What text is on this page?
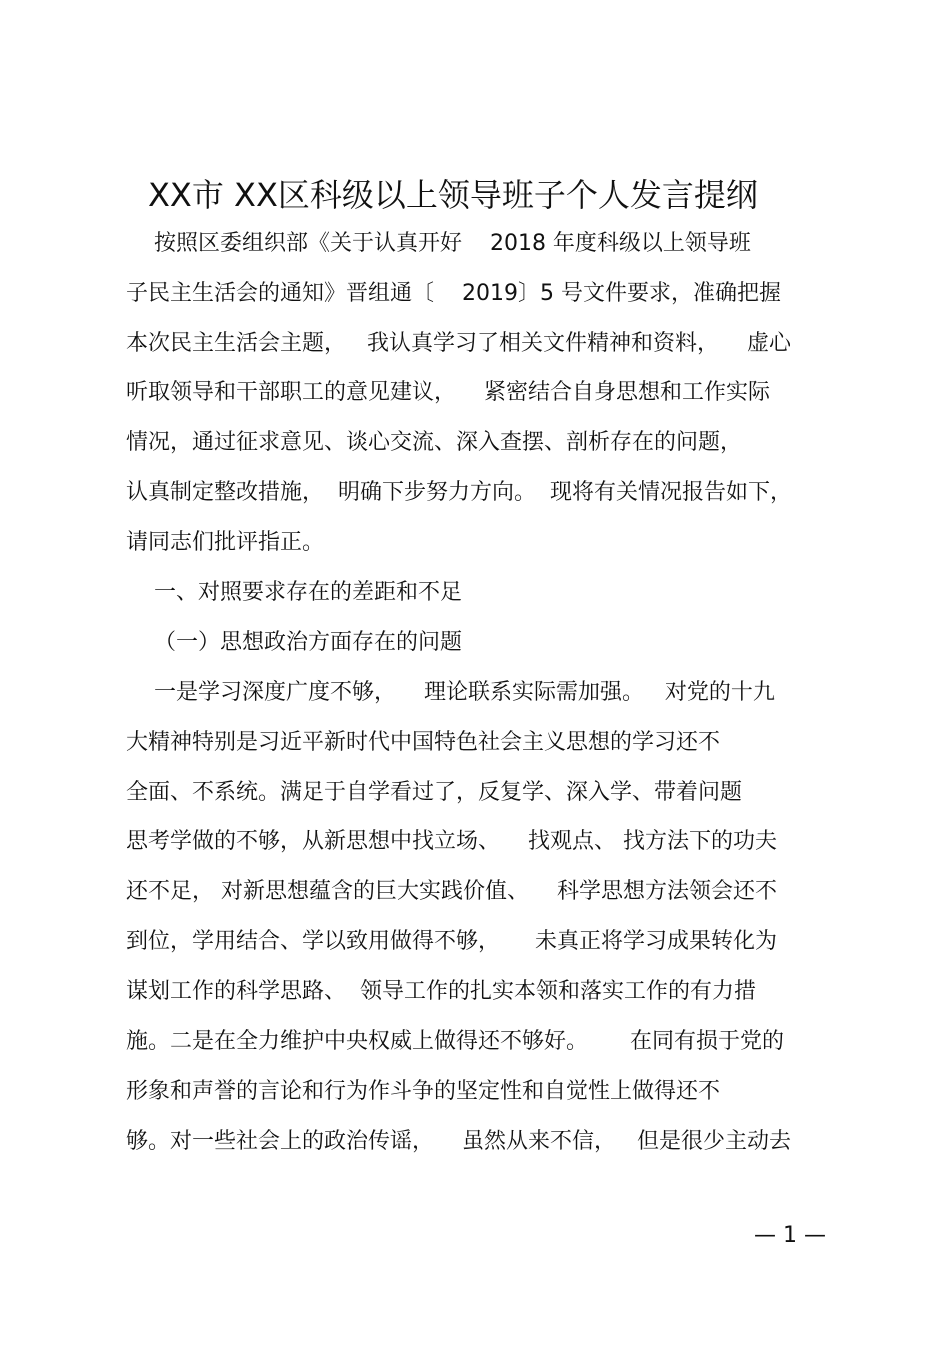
XX市 XX区科级以上领导班子个人发言提纲
按照区委组织部《关于认真开好    2018 年度科级以上领导班
子民主生活会的通知》晋组通〔    2019〕5 号文件要求，准确把握
本次民主生活会主题，   我认真学习了相关文件精神和资料，    虚心
听取领导和干部职工的意见建议，    紧密结合自身思想和工作实际
情况，通过征求意见、谈心交流、深入查摆、剖析存在的问题，
认真制定整改措施，  明确下步努力方向。  现将有关情况报告如下，
请同志们批评指正。
一、对照要求存在的差距和不足
（一）思想政治方面存在的问题
一是学习深度广度不够，    理论联系实际需加强。   对党的十九
大精神特别是习近平新时代中国特色社会主义思想的学习还不
全面、不系统。满足于自学看过了，反复学、深入学、带着问题
思考学做的不够，从新思想中找立场、    找观点、 找方法下的功夫
还不足， 对新思想蕴含的巨大实践价值、    科学思想方法领会还不
到位，学用结合、学以致用做得不够，     未真正将学习成果转化为
谋划工作的科学思路、  领导工作的扎实本领和落实工作的有力措
施。二是在全力维护中央权威上做得还不够好。      在同有损于党的
形象和声誉的言论和行为作斗争的坚定性和自觉性上做得还不
够。对一些社会上的政治传谣，    虽然从来不信，   但是很少主动去
— 1 —
